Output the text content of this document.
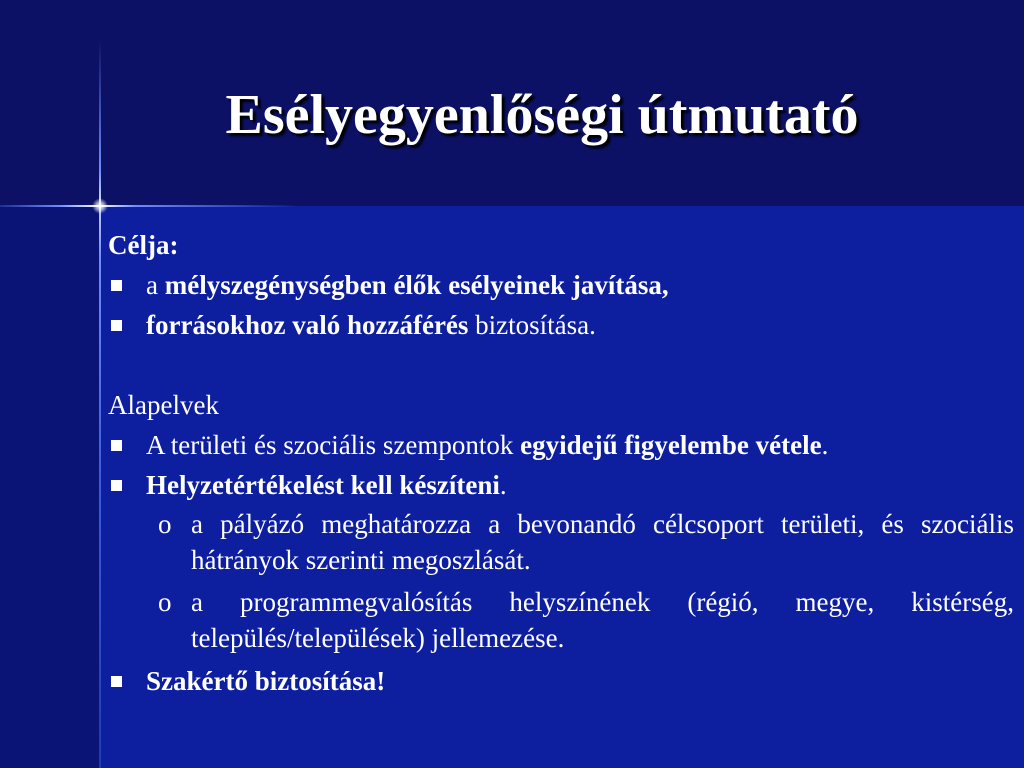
Esélyegyenlőségi útmutató
Célja:
a mélyszegénységben élők esélyeinek javítása,
forrásokhoz való hozzáférés biztosítása.
Alapelvek
A területi és szociális szempontok egyidejű figyelembe vétele.
Helyzetértékelést kell készíteni.
o a pályázó meghatározza a bevonandó célcsoport területi, és szociális hátrányok szerinti megoszlását.
o a programmegvalósítás helyszínének (régió, megye, kistérség, település/települések) jellemezése.
Szakértő biztosítása!
